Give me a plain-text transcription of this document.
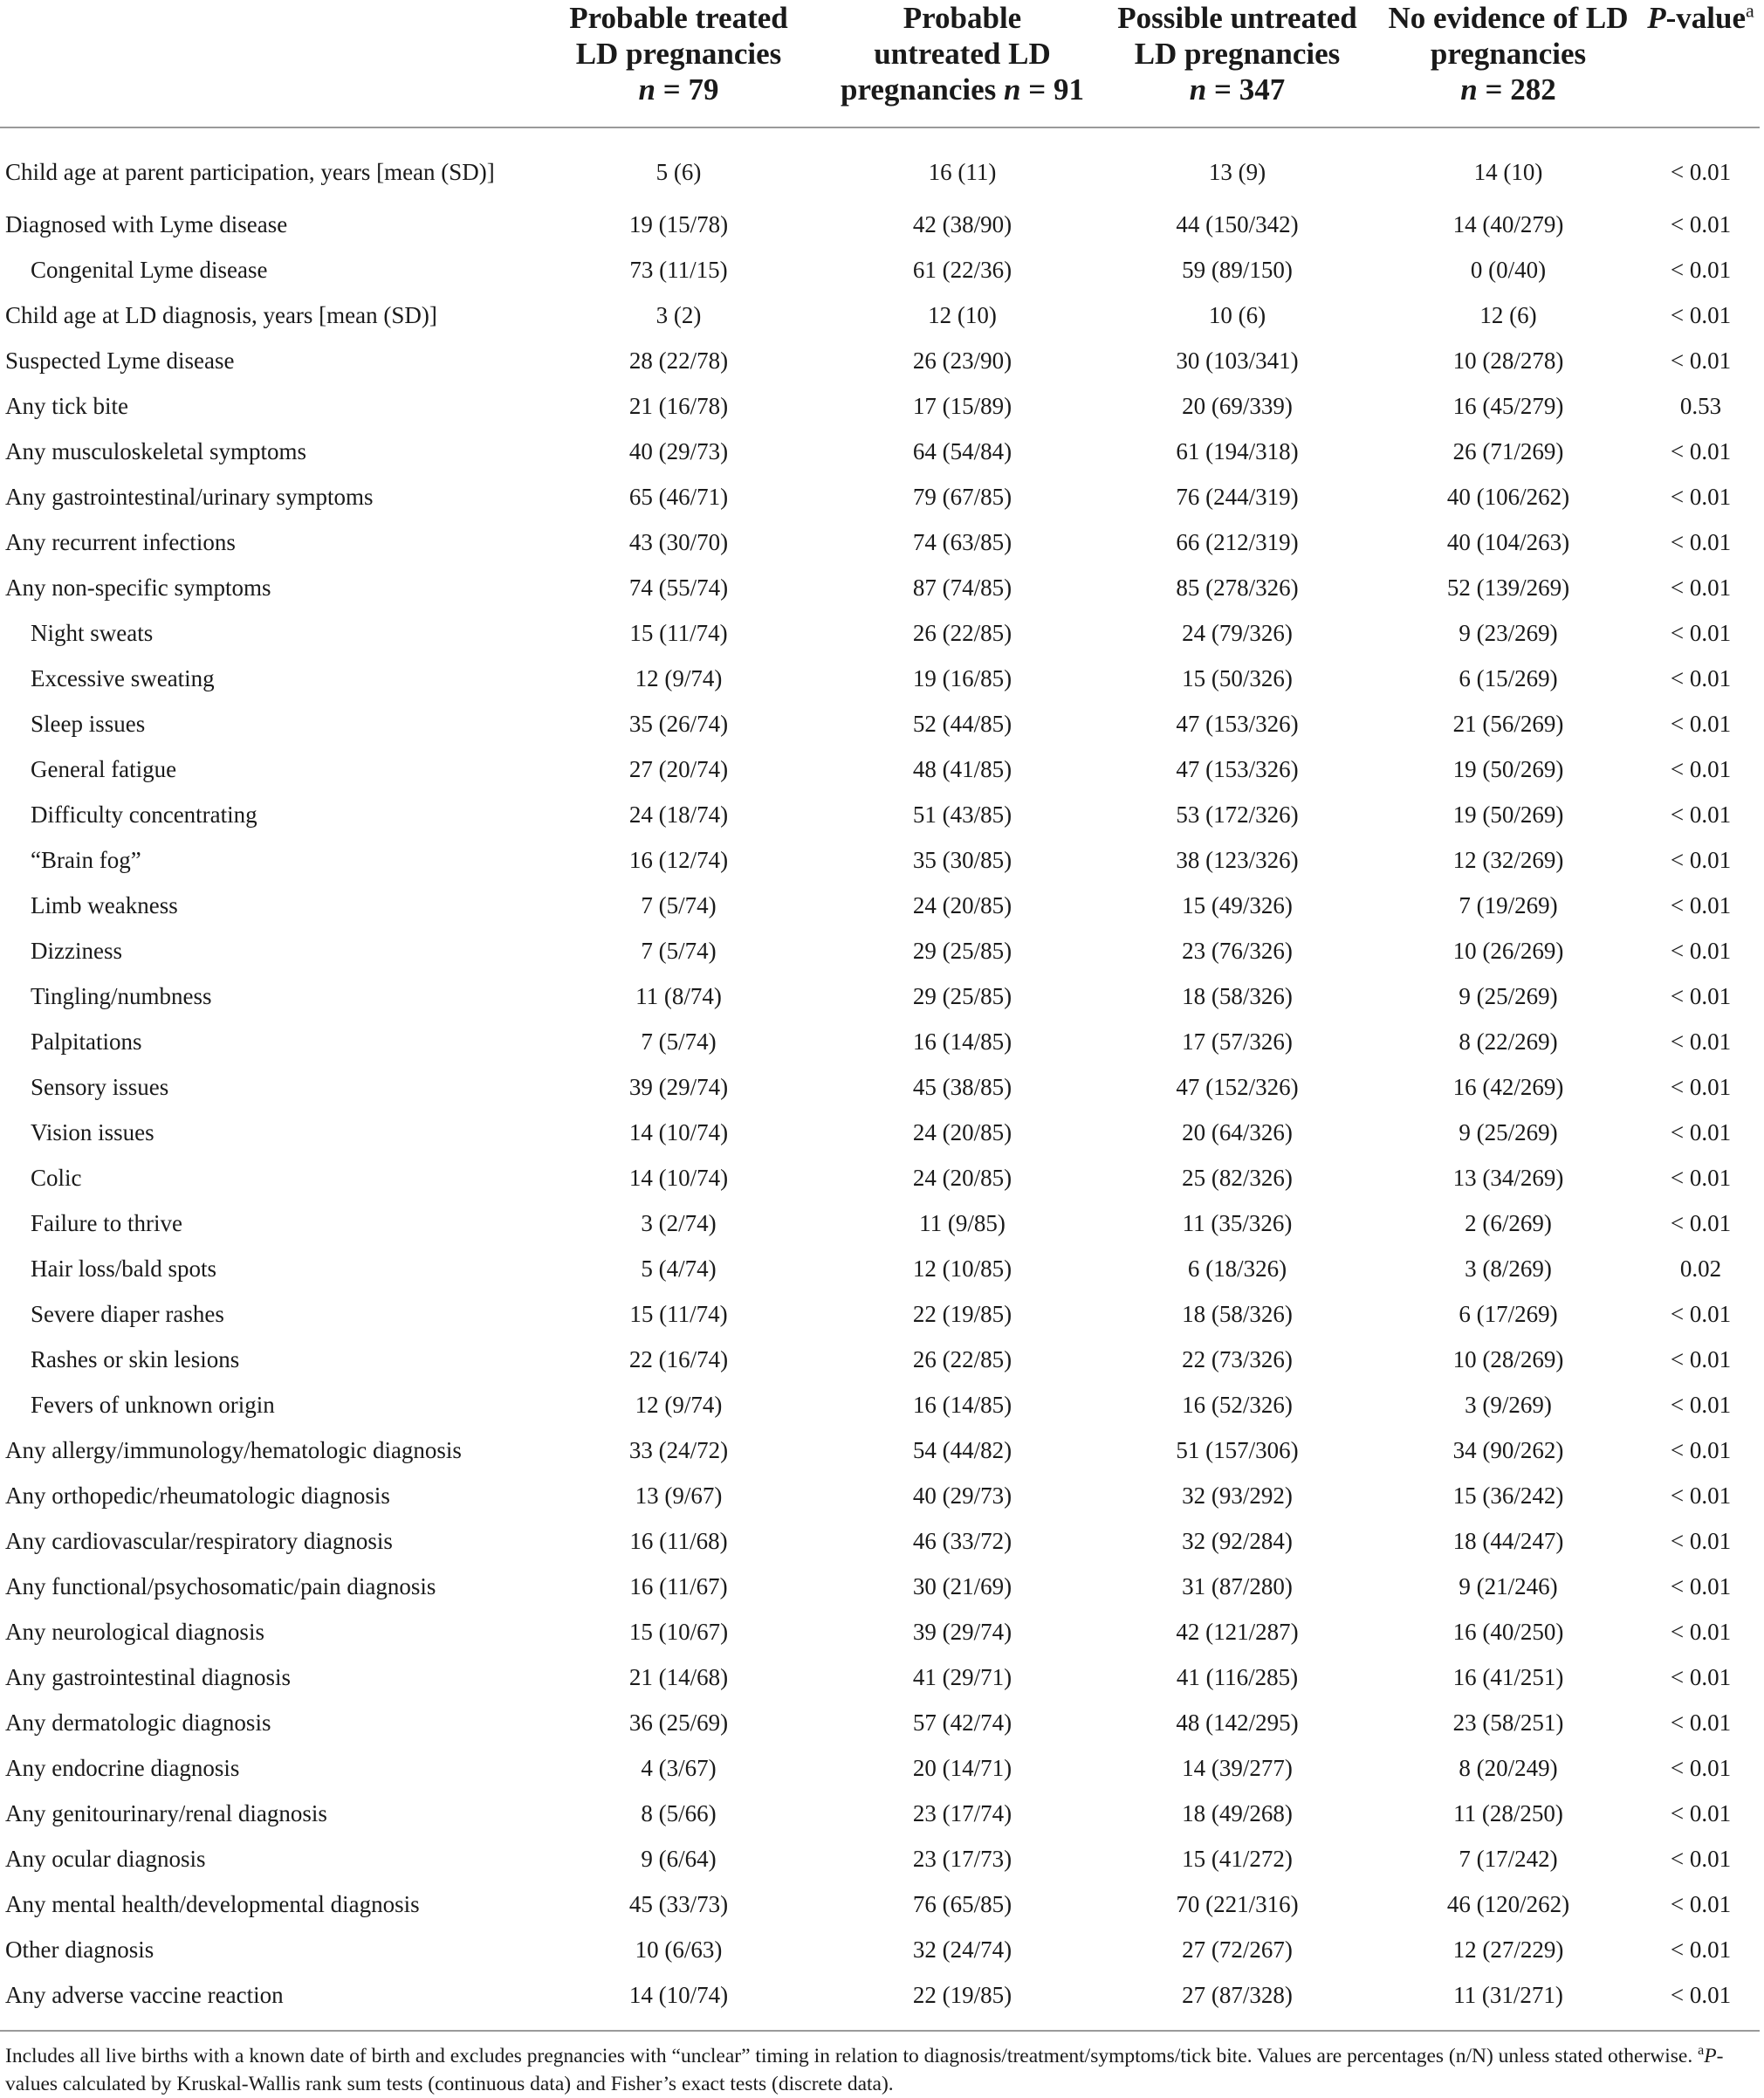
	Probable treated
LD pregnancies
n = 79	Probable
untreated LD
pregnancies n = 91	Possible untreated
LD pregnancies
n = 347	No evidence of LD
pregnancies
n = 282	P-value$^a$

Child age at parent participation, years [mean (SD)]	5 (6)	16 (11)	13 (9)	14 (10)	< 0.01
Diagnosed with Lyme disease	19 (15/78)	42 (38/90)	44 (150/342)	14 (40/279)	< 0.01
Congenital Lyme disease	73 (11/15)	61 (22/36)	59 (89/150)	0 (0/40)	< 0.01
Child age at LD diagnosis, years [mean (SD)]	3 (2)	12 (10)	10 (6)	12 (6)	< 0.01
Suspected Lyme disease	28 (22/78)	26 (23/90)	30 (103/341)	10 (28/278)	< 0.01
Any tick bite	21 (16/78)	17 (15/89)	20 (69/339)	16 (45/279)	0.53
Any musculoskeletal symptoms	40 (29/73)	64 (54/84)	61 (194/318)	26 (71/269)	< 0.01
Any gastrointestinal/urinary symptoms	65 (46/71)	79 (67/85)	76 (244/319)	40 (106/262)	< 0.01
Any recurrent infections	43 (30/70)	74 (63/85)	66 (212/319)	40 (104/263)	< 0.01
Any non-specific symptoms	74 (55/74)	87 (74/85)	85 (278/326)	52 (139/269)	< 0.01
Night sweats	15 (11/74)	26 (22/85)	24 (79/326)	9 (23/269)	< 0.01
Excessive sweating	12 (9/74)	19 (16/85)	15 (50/326)	6 (15/269)	< 0.01
Sleep issues	35 (26/74)	52 (44/85)	47 (153/326)	21 (56/269)	< 0.01
General fatigue	27 (20/74)	48 (41/85)	47 (153/326)	19 (50/269)	< 0.01
Difficulty concentrating	24 (18/74)	51 (43/85)	53 (172/326)	19 (50/269)	< 0.01
“Brain fog”	16 (12/74)	35 (30/85)	38 (123/326)	12 (32/269)	< 0.01
Limb weakness	7 (5/74)	24 (20/85)	15 (49/326)	7 (19/269)	< 0.01
Dizziness	7 (5/74)	29 (25/85)	23 (76/326)	10 (26/269)	< 0.01
Tingling/numbness	11 (8/74)	29 (25/85)	18 (58/326)	9 (25/269)	< 0.01
Palpitations	7 (5/74)	16 (14/85)	17 (57/326)	8 (22/269)	< 0.01
Sensory issues	39 (29/74)	45 (38/85)	47 (152/326)	16 (42/269)	< 0.01
Vision issues	14 (10/74)	24 (20/85)	20 (64/326)	9 (25/269)	< 0.01
Colic	14 (10/74)	24 (20/85)	25 (82/326)	13 (34/269)	< 0.01
Failure to thrive	3 (2/74)	11 (9/85)	11 (35/326)	2 (6/269)	< 0.01
Hair loss/bald spots	5 (4/74)	12 (10/85)	6 (18/326)	3 (8/269)	0.02
Severe diaper rashes	15 (11/74)	22 (19/85)	18 (58/326)	6 (17/269)	< 0.01
Rashes or skin lesions	22 (16/74)	26 (22/85)	22 (73/326)	10 (28/269)	< 0.01
Fevers of unknown origin	12 (9/74)	16 (14/85)	16 (52/326)	3 (9/269)	< 0.01
Any allergy/immunology/hematologic diagnosis	33 (24/72)	54 (44/82)	51 (157/306)	34 (90/262)	< 0.01
Any orthopedic/rheumatologic diagnosis	13 (9/67)	40 (29/73)	32 (93/292)	15 (36/242)	< 0.01
Any cardiovascular/respiratory diagnosis	16 (11/68)	46 (33/72)	32 (92/284)	18 (44/247)	< 0.01
Any functional/psychosomatic/pain diagnosis	16 (11/67)	30 (21/69)	31 (87/280)	9 (21/246)	< 0.01
Any neurological diagnosis	15 (10/67)	39 (29/74)	42 (121/287)	16 (40/250)	< 0.01
Any gastrointestinal diagnosis	21 (14/68)	41 (29/71)	41 (116/285)	16 (41/251)	< 0.01
Any dermatologic diagnosis	36 (25/69)	57 (42/74)	48 (142/295)	23 (58/251)	< 0.01
Any endocrine diagnosis	4 (3/67)	20 (14/71)	14 (39/277)	8 (20/249)	< 0.01
Any genitourinary/renal diagnosis	8 (5/66)	23 (17/74)	18 (49/268)	11 (28/250)	< 0.01
Any ocular diagnosis	9 (6/64)	23 (17/73)	15 (41/272)	7 (17/242)	< 0.01
Any mental health/developmental diagnosis	45 (33/73)	76 (65/85)	70 (221/316)	46 (120/262)	< 0.01
Other diagnosis	10 (6/63)	32 (24/74)	27 (72/267)	12 (27/229)	< 0.01
Any adverse vaccine reaction	14 (10/74)	22 (19/85)	27 (87/328)	11 (31/271)	< 0.01
Includes all live births with a known date of birth and excludes pregnancies with “unclear” timing in relation to diagnosis/treatment/symptoms/tick bite. Values are percentages (n/N) unless stated otherwise. $^a$P-values calculated by Kruskal-Wallis rank sum tests (continuous data) and Fisher’s exact tests (discrete data).
